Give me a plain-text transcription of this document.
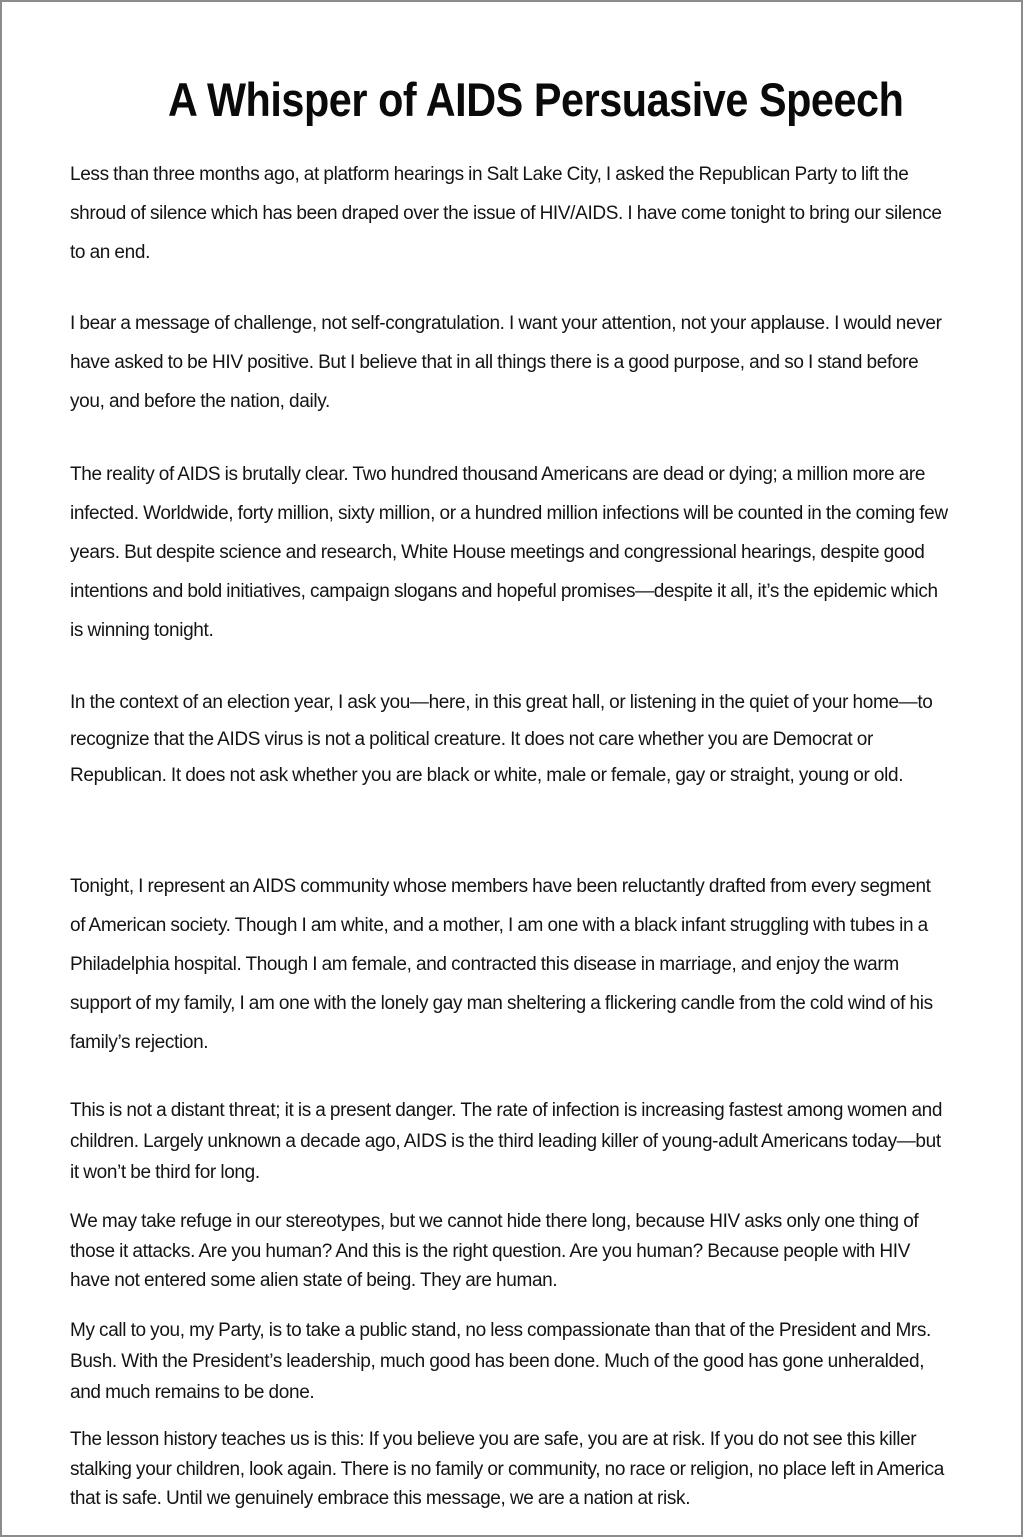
A Whisper of AIDS Persuasive Speech

Less than three months ago, at platform hearings in Salt Lake City, I asked the Republican Party to lift the shroud of silence which has been draped over the issue of HIV/AIDS. I have come tonight to bring our silence to an end.

I bear a message of challenge, not self-congratulation. I want your attention, not your applause. I would never have asked to be HIV positive. But I believe that in all things there is a good purpose, and so I stand before you, and before the nation, daily.

The reality of AIDS is brutally clear. Two hundred thousand Americans are dead or dying; a million more are infected. Worldwide, forty million, sixty million, or a hundred million infections will be counted in the coming few years. But despite science and research, White House meetings and congressional hearings, despite good intentions and bold initiatives, campaign slogans and hopeful promises—despite it all, it’s the epidemic which is winning tonight.

In the context of an election year, I ask you—here, in this great hall, or listening in the quiet of your home—to recognize that the AIDS virus is not a political creature. It does not care whether you are Democrat or Republican. It does not ask whether you are black or white, male or female, gay or straight, young or old.

Tonight, I represent an AIDS community whose members have been reluctantly drafted from every segment of American society. Though I am white, and a mother, I am one with a black infant struggling with tubes in a Philadelphia hospital. Though I am female, and contracted this disease in marriage, and enjoy the warm support of my family, I am one with the lonely gay man sheltering a flickering candle from the cold wind of his family’s rejection.

This is not a distant threat; it is a present danger. The rate of infection is increasing fastest among women and children. Largely unknown a decade ago, AIDS is the third leading killer of young-adult Americans today—but it won’t be third for long.

We may take refuge in our stereotypes, but we cannot hide there long, because HIV asks only one thing of those it attacks. Are you human? And this is the right question. Are you human? Because people with HIV have not entered some alien state of being. They are human.

My call to you, my Party, is to take a public stand, no less compassionate than that of the President and Mrs. Bush. With the President’s leadership, much good has been done. Much of the good has gone unheralded, and much remains to be done.

The lesson history teaches us is this: If you believe you are safe, you are at risk. If you do not see this killer stalking your children, look again. There is no family or community, no race or religion, no place left in America that is safe. Until we genuinely embrace this message, we are a nation at risk.
